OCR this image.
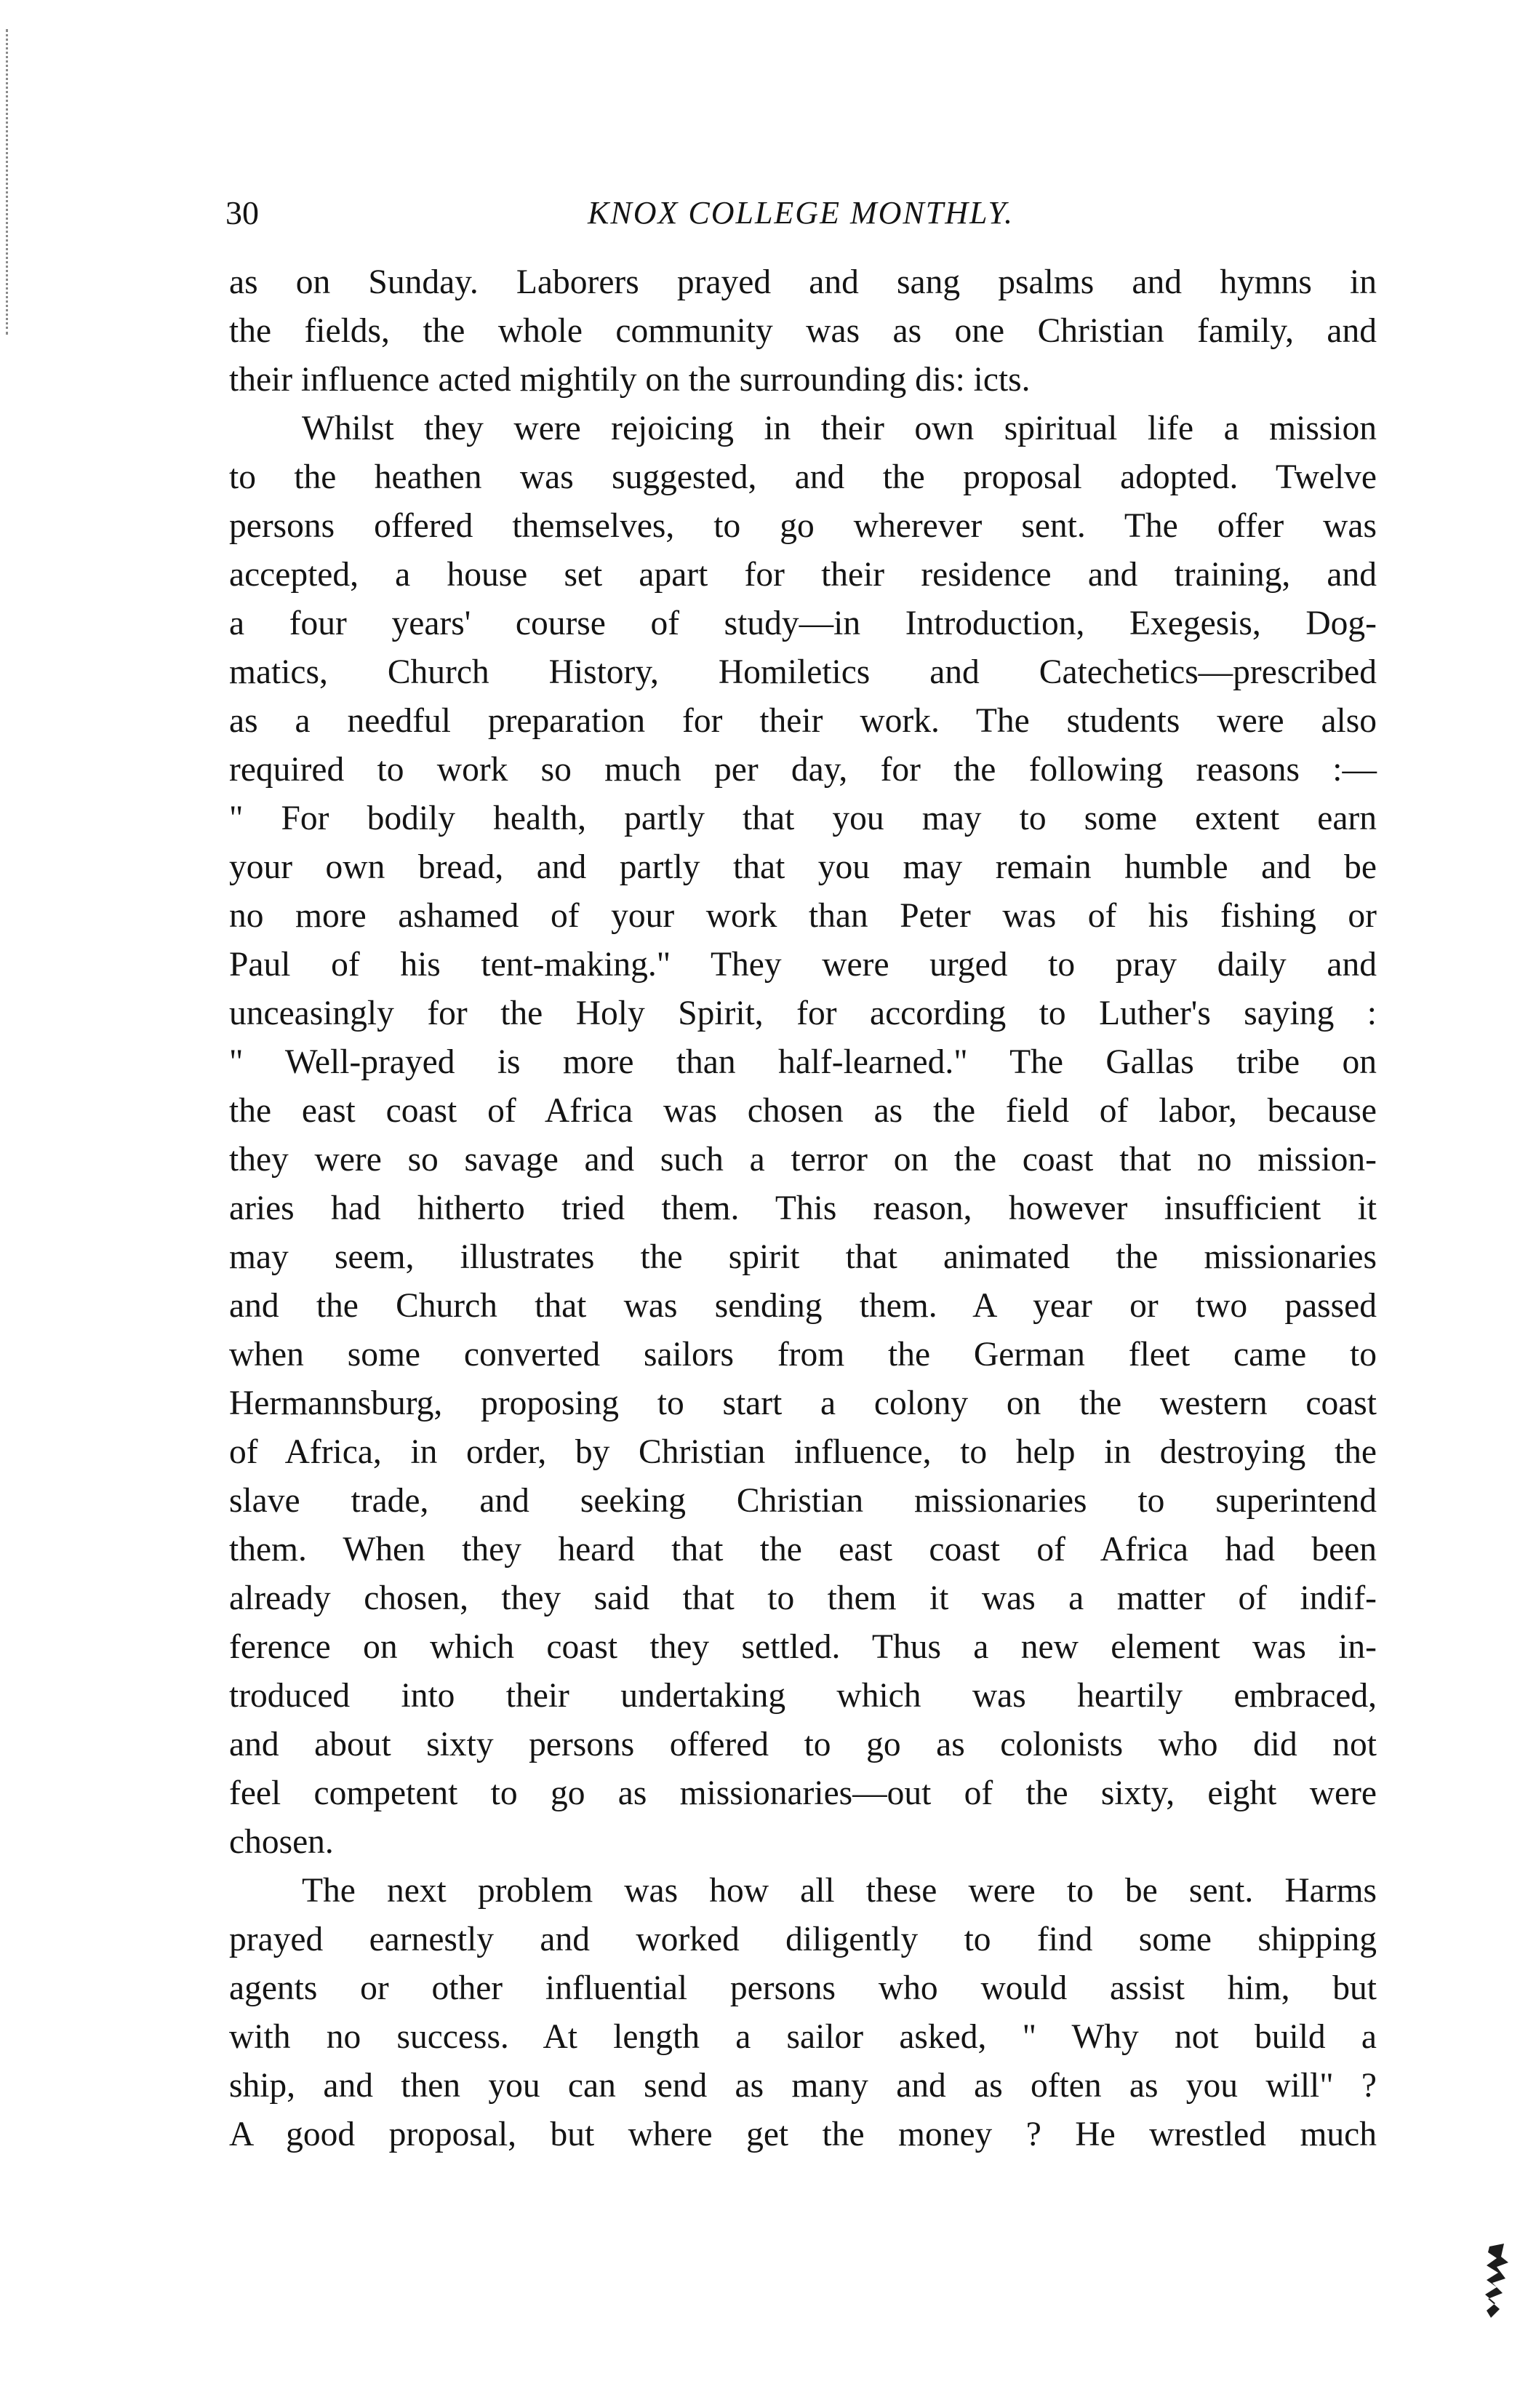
30	KNOX COLLEGE MONTHLY.
as on Sunday. Laborers prayed and sang psalms and hymns in
the fields, the whole community was as one Christian family, and
their influence acted mightily on the surrounding dis: icts.
Whilst they were rejoicing in their own spiritual life a mission
to the heathen was suggested, and the proposal adopted. Twelve
persons offered themselves, to go wherever sent. The offer was
accepted, a house set apart for their residence and training, and
a four years' course of study—in Introduction, Exegesis, Dog-
matics, Church History, Homiletics and Catechetics—prescribed
as a needful preparation for their work. The students were also
required to work so much per day, for the following reasons :—
" For bodily health, partly that you may to some extent earn
your own bread, and partly that you may remain humble and be
no more ashamed of your work than Peter was of his fishing or
Paul of his tent-making." They were urged to pray daily and
unceasingly for the Holy Spirit, for according to Luther's saying :
" Well-prayed is more than half-learned." The Gallas tribe on
the east coast of Africa was chosen as the field of labor, because
they were so savage and such a terror on the coast that no mission-
aries had hitherto tried them. This reason, however insufficient it
may seem, illustrates the spirit that animated the missionaries
and the Church that was sending them. A year or two passed
when some converted sailors from the German fleet came to
Hermannsburg, proposing to start a colony on the western coast
of Africa, in order, by Christian influence, to help in destroying the
slave trade, and seeking Christian missionaries to superintend
them. When they heard that the east coast of Africa had been
already chosen, they said that to them it was a matter of indif-
ference on which coast they settled. Thus a new element was in-
troduced into their undertaking which was heartily embraced,
and about sixty persons offered to go as colonists who did not
feel competent to go as missionaries—out of the sixty, eight were
chosen.
The next problem was how all these were to be sent. Harms
prayed earnestly and worked diligently to find some shipping
agents or other influential persons who would assist him, but
with no success. At length a sailor asked, " Why not build a
ship, and then you can send as many and as often as you will" ?
A good proposal, but where get the money ? He wrestled much
